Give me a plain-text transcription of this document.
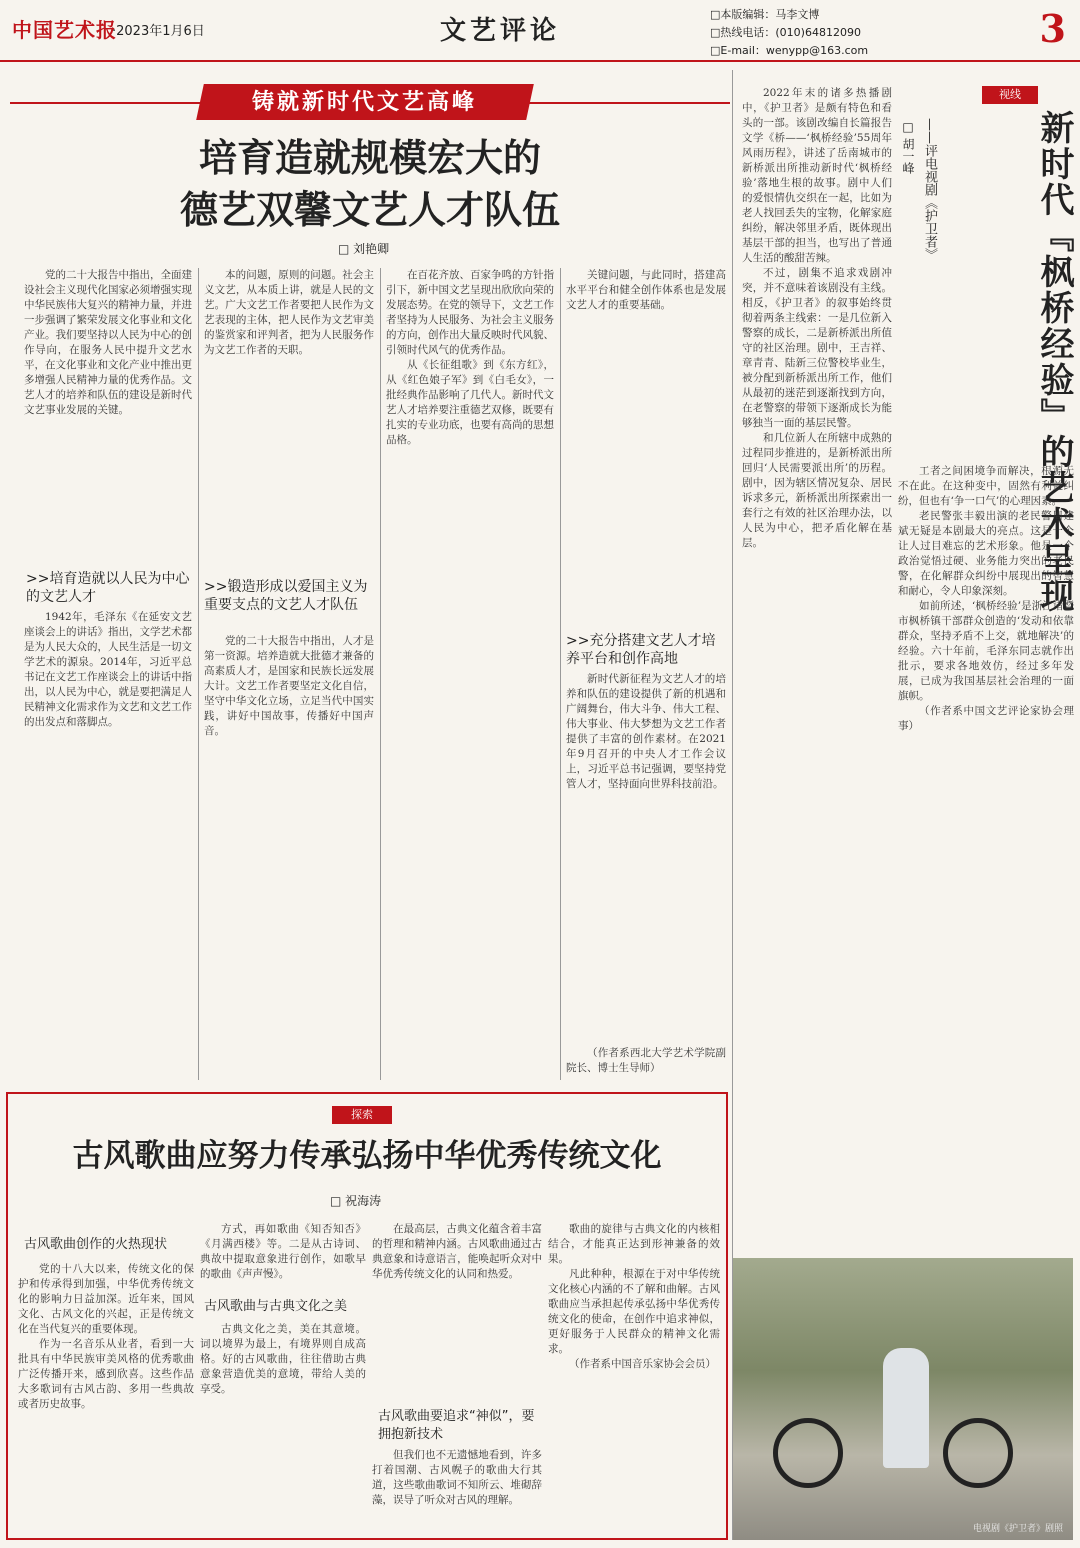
中国艺术报
·2023年1月6日	文艺评论
□本版编辑：马李文博
□热线电话：(010)64812090
□E-mail：wenypp@163.com	3
铸就新时代文艺高峰
培育造就规模宏大的
德艺双馨文艺人才队伍
□ 刘艳卿

党的二十大报告中指出，全面建设社会主义现代化国家必须增强实现中华民族伟大复兴的精神力量，并进一步强调了繁荣发展文化事业和文化产业。我们要坚持以人民为中心的创作导向，在服务人民中提升文艺水平，在文化事业和文化产业中推出更多增强人民精神力量的优秀作品。文艺人才的培养和队伍的建设是新时代文艺事业发展的关键。

>>培育造就以人民为中心的文艺人才

1942年，毛泽东《在延安文艺座谈会上的讲话》指出，文学艺术都是为人民大众的，人民生活是一切文学艺术的源泉。2014年，习近平总书记在文艺工作座谈会上的讲话中指出，以人民为中心，就是要把满足人民精神文化需求作为文艺和文艺工作的出发点和落脚点。

本的问题，原则的问题。社会主义文艺，从本质上讲，就是人民的文艺。广大文艺工作者要把人民作为文艺表现的主体，把人民作为文艺审美的鉴赏家和评判者，把为人民服务作为文艺工作者的天职。

>>锻造形成以爱国主义为重要支点的文艺人才队伍

党的二十大报告中指出，人才是第一资源。培养造就大批德才兼备的高素质人才，是国家和民族长远发展大计。文艺工作者要坚定文化自信，坚守中华文化立场，立足当代中国实践，讲好中国故事，传播好中国声音。

在百花齐放、百家争鸣的方针指引下，新中国文艺呈现出欣欣向荣的发展态势。在党的领导下，文艺工作者坚持为人民服务、为社会主义服务的方向，创作出大量反映时代风貌、引领时代风气的优秀作品。

从《长征组歌》到《东方红》，从《红色娘子军》到《白毛女》，一批经典作品影响了几代人。新时代文艺人才培养要注重德艺双修，既要有扎实的专业功底，也要有高尚的思想品格。

关键问题，与此同时，搭建高水平平台和健全创作体系也是发展文艺人才的重要基础。

>>充分搭建文艺人才培养平台和创作高地

新时代新征程为文艺人才的培养和队伍的建设提供了新的机遇和广阔舞台，伟大斗争、伟大工程、伟大事业、伟大梦想为文艺工作者提供了丰富的创作素材。在2021年9月召开的中央人才工作会议上，习近平总书记强调，要坚持党管人才，坚持面向世界科技前沿。

（作者系西北大学艺术学院副院长、博士生导师）

视线
新时代『枫桥经验』的艺术呈现
——评电视剧《护卫者》
□ 胡一峰

2022年末的诸多热播剧中，《护卫者》是颇有特色和看头的一部。该剧改编自长篇报告文学《桥——‘枫桥经验’55周年风雨历程》，讲述了岳南城市的新桥派出所推动新时代‘枫桥经验’落地生根的故事。剧中人们的爱恨情仇交织在一起，比如为老人找回丢失的宝物，化解家庭纠纷，解决邻里矛盾，既体现出基层干部的担当，也写出了普通人生活的酸甜苦辣。

不过，剧集不追求戏剧冲突，并不意味着该剧没有主线。相反，《护卫者》的叙事始终贯彻着两条主线索：一是几位新入警察的成长，二是新桥派出所值守的社区治理。剧中，王吉祥、章青青、陆新三位警校毕业生，被分配到新桥派出所工作，他们从最初的迷茫到逐渐找到方向，在老警察的带领下逐渐成长为能够独当一面的基层民警。

和几位新人在所辖中成熟的过程同步推进的，是新桥派出所回归‘人民需要派出所’的历程。剧中，因为辖区情况复杂、居民诉求多元，新桥派出所探索出一套行之有效的社区治理办法，以人民为中心，把矛盾化解在基层。

工者之间困境争而解决，根源无不在此。在这种变中，固然有利益纠纷，但也有‘争一口气’的心理因素。

老民警张丰毅出演的老民警周建斌无疑是本剧最大的亮点。这是一个让人过目难忘的艺术形象。他是一个政治觉悟过硬、业务能力突出的老民警，在化解群众纠纷中展现出的智慧和耐心，令人印象深刻。

如前所述，‘枫桥经验’是浙江诸暨市枫桥镇干部群众创造的‘发动和依靠群众，坚持矛盾不上交，就地解决’的经验。六十年前，毛泽东同志就作出批示，要求各地效仿，经过多年发展，已成为我国基层社会治理的一面旗帜。

（作者系中国文艺评论家协会理事）

探索
古风歌曲应努力传承弘扬中华优秀传统文化
□ 祝海涛
古风歌曲创作的火热现状

党的十八大以来，传统文化的保护和传承得到加强，中华优秀传统文化的影响力日益加深。近年来，国风文化、古风文化的兴起，正是传统文化在当代复兴的重要体现。

作为一名音乐从业者，看到一大批具有中华民族审美风格的优秀歌曲广泛传播开来，感到欣喜。这些作品大多歌词有古风古韵、多用一些典故或者历史故事。

方式，再如歌曲《知否知否》《月满西楼》等。二是从古诗词、典故中提取意象进行创作，如歌早的歌曲《声声慢》。

古风歌曲与古典文化之美

古典文化之美，美在其意境。词以境界为最上，有境界则自成高格。好的古风歌曲，往往借助古典意象营造优美的意境，带给人美的享受。

在最高层，古典文化蕴含着丰富的哲理和精神内涵。古风歌曲通过古典意象和诗意语言，能唤起听众对中华优秀传统文化的认同和热爱。

古风歌曲要追求“神似”，要拥抱新技术

但我们也不无遗憾地看到，许多打着国潮、古风幌子的歌曲大行其道，这些歌曲歌词不知所云、堆砌辞藻，误导了听众对古风的理解。

歌曲的旋律与古典文化的内核相结合，才能真正达到形神兼备的效果。

凡此种种，根源在于对中华传统文化核心内涵的不了解和曲解。古风歌曲应当承担起传承弘扬中华优秀传统文化的使命，在创作中追求神似，更好服务于人民群众的精神文化需求。

（作者系中国音乐家协会会员）

电视剧《护卫者》剧照
